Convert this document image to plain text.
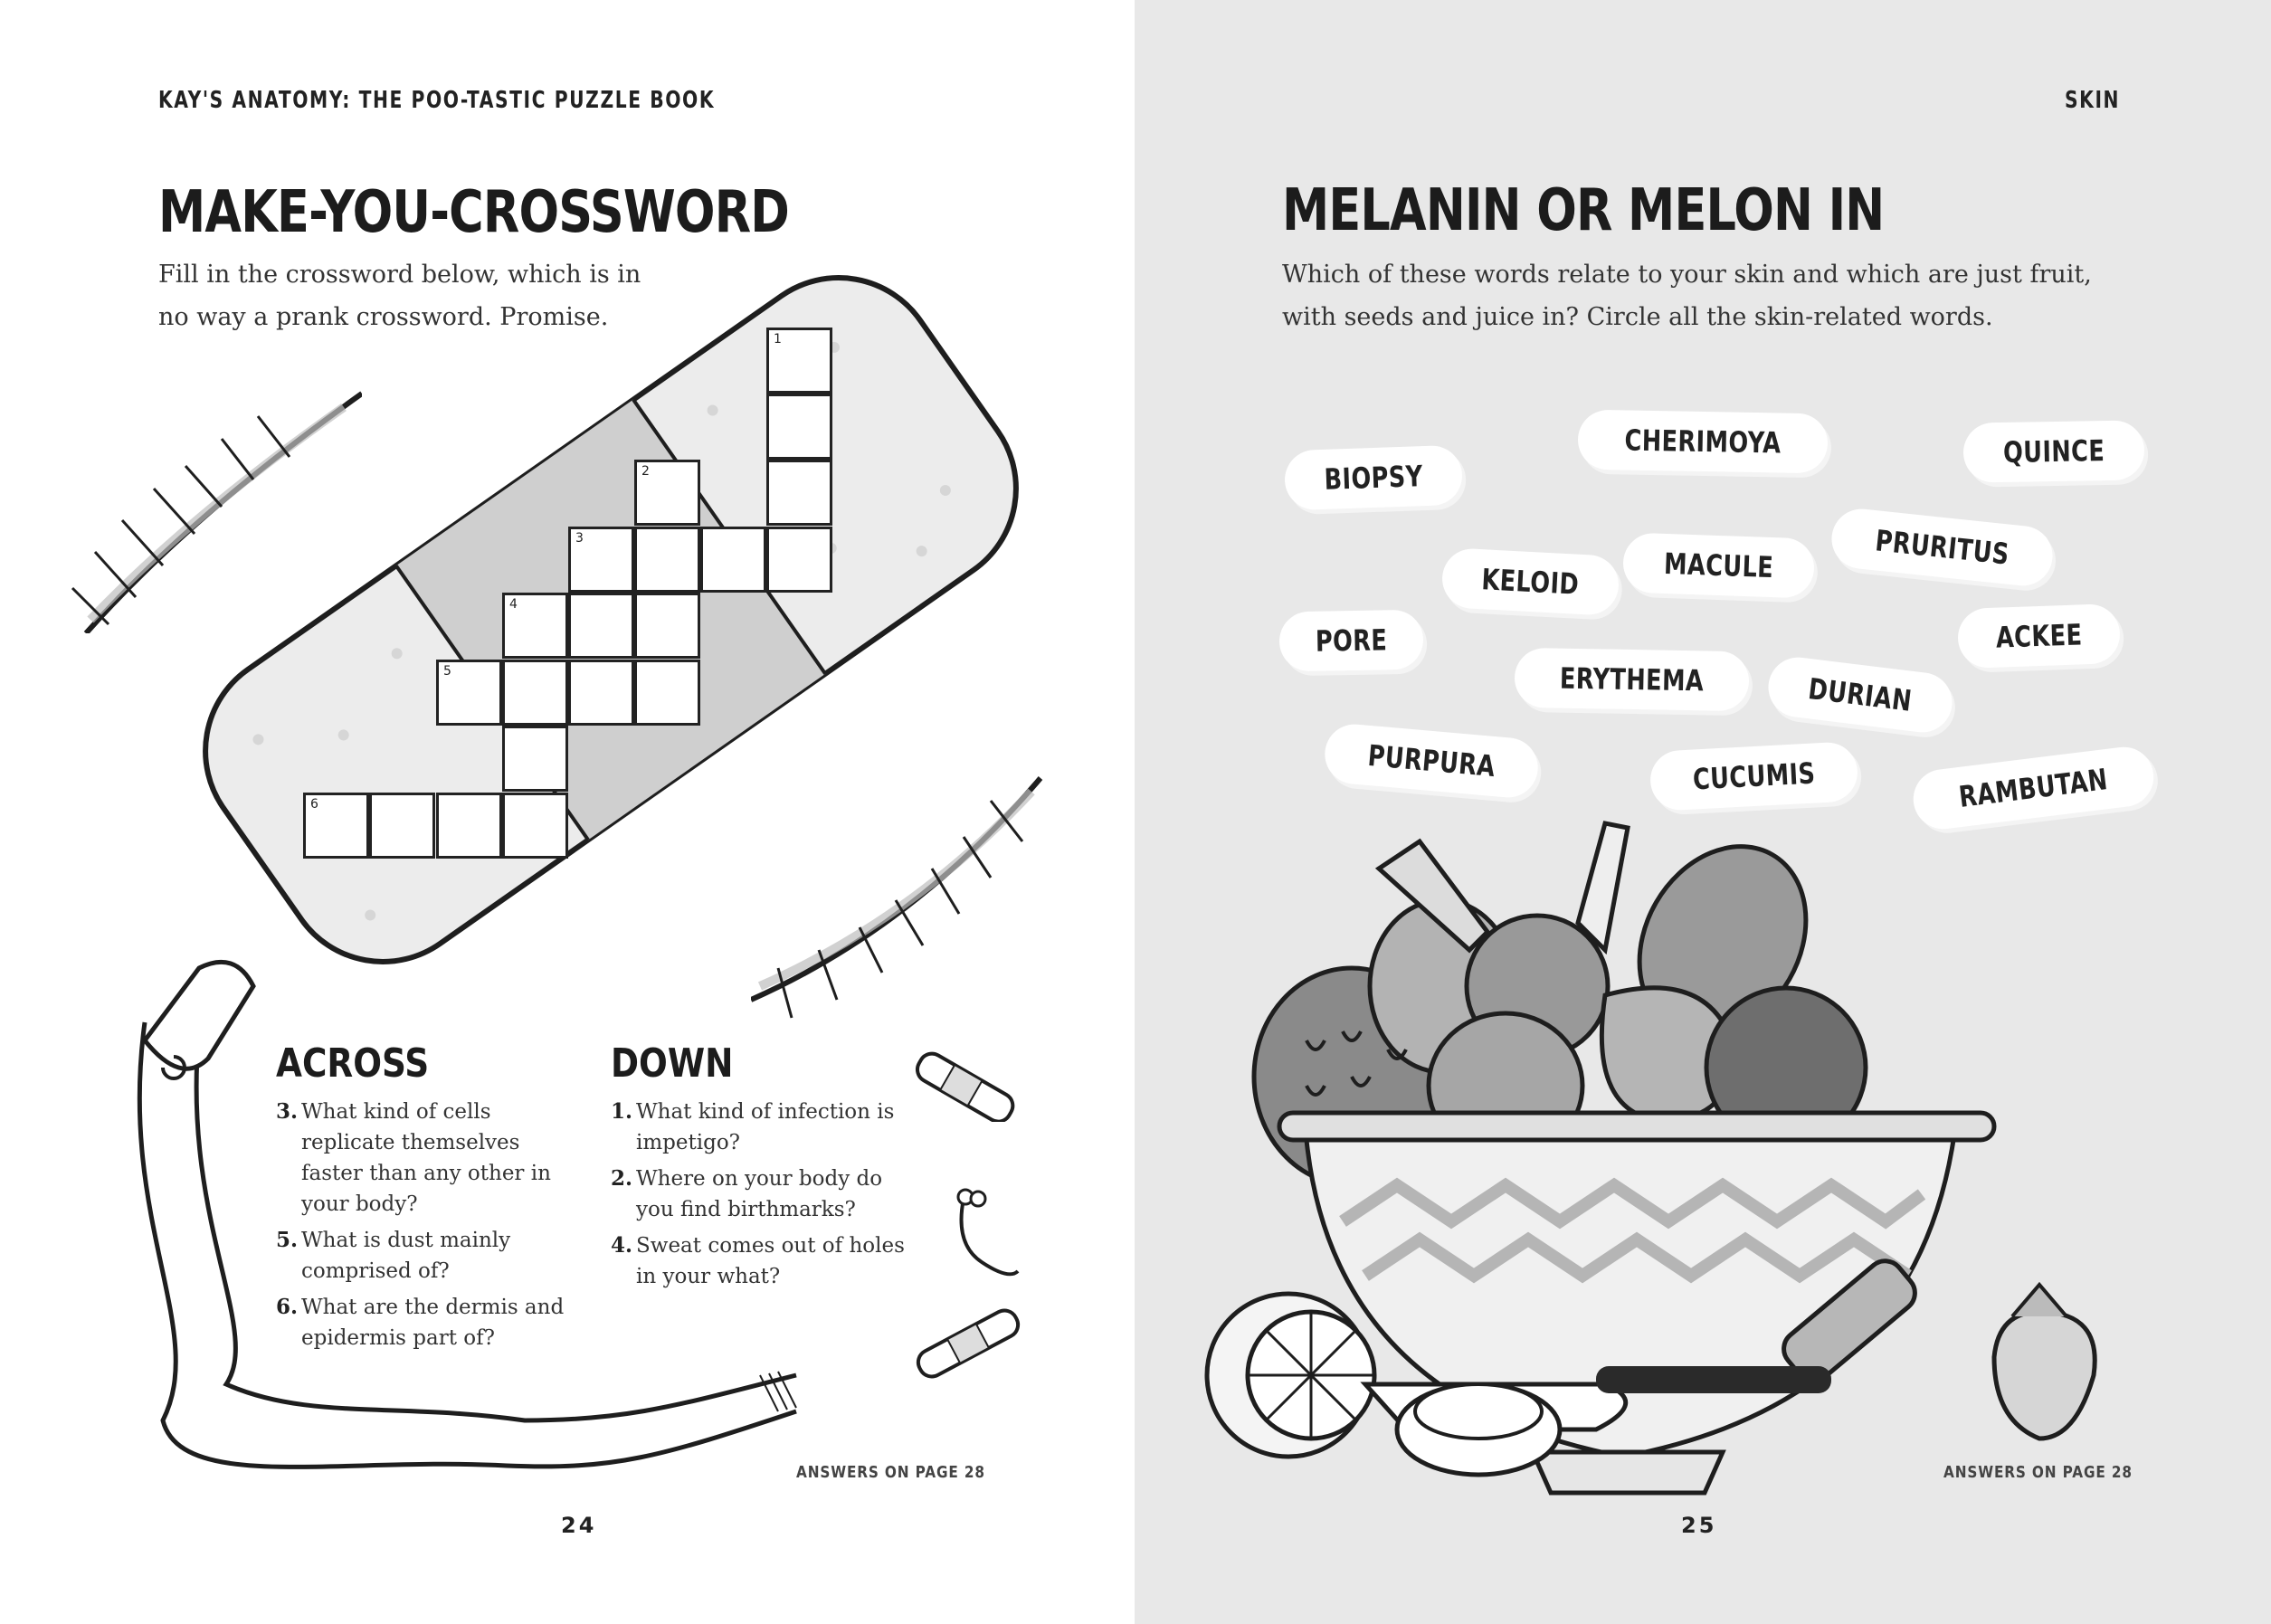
KAY'S ANATOMY: THE POO-TASTIC PUZZLE BOOK
MAKE-YOU-CROSSWORD
Fill in the crossword below, which is in
no way a prank crossword. Promise.
1
2
3
4
5
6
ACROSS
3. What kind of cells replicate themselves faster than any other in your body?
5. What is dust mainly comprised of?
6. What are the dermis and epidermis part of?
DOWN
1. What kind of infection is impetigo?
2. Where on your body do you find birthmarks?
4. Sweat comes out of holes in your what?
ANSWERS ON PAGE 28
24
SKIN
MELANIN OR MELON IN
Which of these words relate to your skin and which are just fruit,
with seeds and juice in? Circle all the skin-related words.
BIOPSY
CHERIMOYA	QUINCE
KELOID	MACULE	PRURITUS
PORE	ACKEE
ERYTHEMA	DURIAN
PURPURA	CUCUMIS	RAMBUTAN
ANSWERS ON PAGE 28
25
